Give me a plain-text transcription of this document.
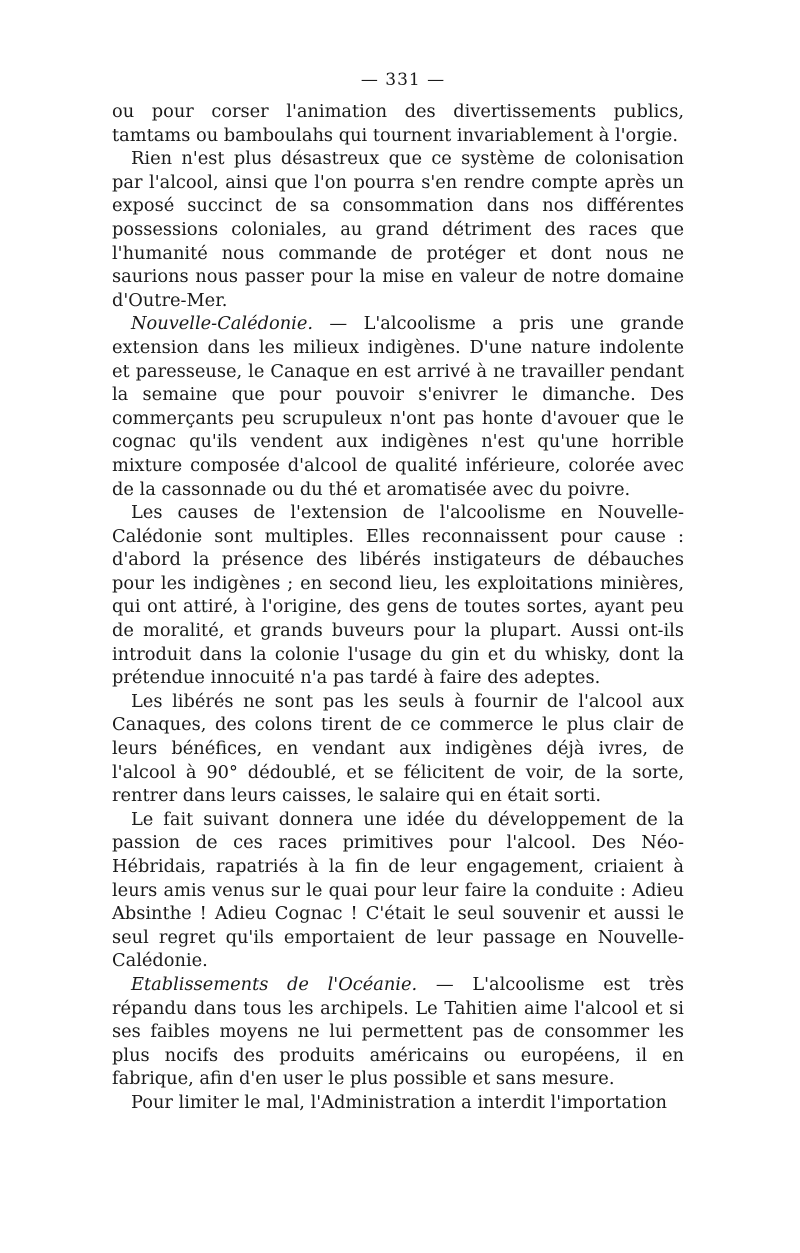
— 331 —

ou pour corser l'animation des divertissements publics, tamtams ou bamboulahs qui tournent invariablement à l'orgie.

Rien n'est plus désastreux que ce système de colonisation par l'alcool, ainsi que l'on pourra s'en rendre compte après un exposé succinct de sa consommation dans nos différentes possessions coloniales, au grand détriment des races que l'humanité nous commande de protéger et dont nous ne saurions nous passer pour la mise en valeur de notre domaine d'Outre-Mer.

Nouvelle-Calédonie. — L'alcoolisme a pris une grande extension dans les milieux indigènes. D'une nature indolente et paresseuse, le Canaque en est arrivé à ne travailler pendant la semaine que pour pouvoir s'enivrer le dimanche. Des commerçants peu scrupuleux n'ont pas honte d'avouer que le cognac qu'ils vendent aux indigènes n'est qu'une horrible mixture composée d'alcool de qualité inférieure, colorée avec de la cassonnade ou du thé et aromatisée avec du poivre.

Les causes de l'extension de l'alcoolisme en Nouvelle-Calédonie sont multiples. Elles reconnaissent pour cause : d'abord la présence des libérés instigateurs de débauches pour les indigènes ; en second lieu, les exploitations minières, qui ont attiré, à l'origine, des gens de toutes sortes, ayant peu de moralité, et grands buveurs pour la plupart. Aussi ont-ils introduit dans la colonie l'usage du gin et du whisky, dont la prétendue innocuité n'a pas tardé à faire des adeptes.

Les libérés ne sont pas les seuls à fournir de l'alcool aux Canaques, des colons tirent de ce commerce le plus clair de leurs bénéfices, en vendant aux indigènes déjà ivres, de l'alcool à 90° dédoublé, et se félicitent de voir, de la sorte, rentrer dans leurs caisses, le salaire qui en était sorti.

Le fait suivant donnera une idée du développement de la passion de ces races primitives pour l'alcool. Des Néo-Hébridais, rapatriés à la fin de leur engagement, criaient à leurs amis venus sur le quai pour leur faire la conduite : Adieu Absinthe ! Adieu Cognac ! C'était le seul souvenir et aussi le seul regret qu'ils emportaient de leur passage en Nouvelle-Calédonie.

Etablissements de l'Océanie. — L'alcoolisme est très répandu dans tous les archipels. Le Tahitien aime l'alcool et si ses faibles moyens ne lui permettent pas de consommer les plus nocifs des produits américains ou européens, il en fabrique, afin d'en user le plus possible et sans mesure.

Pour limiter le mal, l'Administration a interdit l'importation
